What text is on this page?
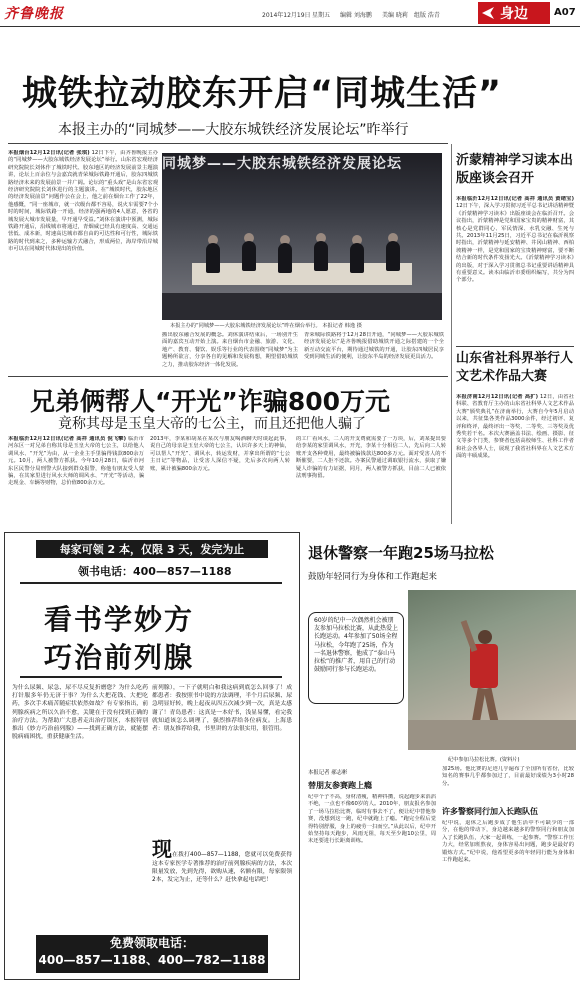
齐鲁晚报	2014年12月19日 星期五 编辑 刘海鹏 美编 晓莉 组版 浩青	身边	A07
城铁拉动胶东开启“同城生活”
本报主办的“同城梦——大胶东城铁经济发展论坛”昨举行
本报烟台12月12日讯(记者 张琪) 12日下午，由齐鲁晚报主办的“同城梦——大胶东城铁经济发展论坛”举行。山东省宏观经济研究院院长刘休作了城铁时代、胶东地区的经济发展前景主题演讲，论坛上百余位与会嘉宾就青荣城际铁路开通后，胶东四城铁路经济未来的发展前景一并广阔。论坛的“重头戏”是山东省宏观经济研究院院长刘休进行的主题演讲。在“城铁时代，胶东地区的经济发展前景”问题作公在会上，他之前在烟台工作了22年，他感慨，“同一座城市，就一次级台都不容易，说火车需要7个小时的时间，城际铁路一开通，经济的强两地的4人愿意，各省的城发展大城市发展量，早开通早受益。”刘休在演讲中预测，城际铁路开通后，沿线城市将通过，青烟威已经具有速度高、交通运营低、成本新，时速高达城市都自由的可达性和可行性，城际铁路的时代到来之，多种运输方式融合，形成两位，海岸带沿岸城市可以在同城时代体现出的价值。
同城梦——大胶东城铁经济发展论坛
本报主办的“同城梦——大胶东城铁经济发展论坛”昨在烟台举行。 本报记者 韩逸 摄
搬出胶东融合发展的概念。刘休演讲结束后，一场别开生面的嘉宾互动开始上演。来自烟台市金融、旅游、文化、地产、教育、餐饮、娱乐等行业的代表围绕“同城梦”为主题畅所欲言，分享各自的见解和发展构想，期望借助城铁之力，推动胶东经济一体化发展。
青荣城际铁路将于12月28日开通，“同城梦——大胶东城铁经济发展论坛”是齐鲁晚报借助城铁开通之际搭建的一个全新互动交流平台，期待通过城铁的开通，让胶东四城居民享受到同城生活的便利，让胶东半岛的经济发展更具活力。
兄弟俩帮人“开光”诈骗800万元
竟称其母是玉皇大帝的七公主，而且还把他人骗了
本报临沂12月12日讯(记者 高祥 通讯员 倪飞擎) 临沂市河东区一对兄弟自称其母是玉皇大帝的七公主，以给他人调风水、“开光”为由，从一企业主手里骗得钱款800余万元。10月，两人被警方抓获。今年10月28日，临沂市河东区民警分局刑警大队接到群众报警，称他有朋友受人蒙骗，在其家里进行风水大师的调风水、“开光”等活动，骗走现金、车辆等财物，总价值800余万元。
2013年，李某和胡某在某次与朋友喝酒聊天时谈起此事，说自己的母亲是玉皇大帝的七公主，认识许多天上的神仙，可以帮人“开光”、调风水，转运发财，并拿出所谓的“七公主日记”等物品，让受害人深信不疑，先后多次向两人转账，累计被骗800余万元。
的工厂看风水，二人的开支费就需要了一万块，后，刘某提出要给李某的家里调风水，开光，李某十分相信二人，先后向二人转账开支各种费用，最终被骗钱款达800多万元。面对受害人的不断催要，二人拒不还款。办案民警通过调取银行流水，获取了嫌疑人诈骗的有力证据，同月，两人被警方抓获，目前二人已被依法刑事拘留。
沂蒙精神学习读本出版座谈会召开
本报临沂12月12日讯(记者 高祥 通讯员 黄绪宝) 12日下午，深入学习贯彻习近平总书记讲话精神暨《沂蒙精神学习读本》出版座谈会在临沂召开。会议指出，沂蒙精神是党和国家宝贵的精神财富，其核心是党群同心、军民情深、水乳交融、生死与共。2013年11月25日，习近平总书记在临沂视察时指出，沂蒙精神与延安精神、井冈山精神、西柏坡精神一样，是党和国家的宝贵精神财富，要不断结合新的时代条件发扬光大。《沂蒙精神学习读本》的出版，对于深入学习贯彻总书记重要讲话精神具有重要意义。读本由临沂市委组织编写，共分为四个部分。
山东省社科界举行人文艺术作品大赛
本报济南12月12日讯(记者 高扩) 12日，由省社科联、省教育厅主办的山东省社科界人文艺术作品大赛“颁奖典礼”在济南举行，大赛自今年5月启动以来，共征集各类作品3000余件，经过初评、复评和终评，最终评出一等奖、二等奖、三等奖及优秀奖若干名。本次大赛涵盖书法、绘画、摄影、征文等多个门类，参赛者包括高校师生、社科工作者和社会各界人士，展现了我省社科界在人文艺术方面的丰硕成果。
每家可领 2 本，仅限 3 天，发完为止
领书电话：400—857—1188
看书学妙方
巧治前列腺
为什么尿频、尿急、尿不尽反复折磨您？为什么吃药打针服多年仍无济于事？为什么大把花钱、大把吃药，多次手术痛苦随症状依然如故？有专家指出，前列腺疾病之所以久治不愈，关键在于没有找到正确的治疗方法。为帮助广大患者走出治疗误区，本报特别推出《妙方巧治前列腺》——找到正确方法，就能摆脱病痛困扰，重获健康生活。
前列腺），一下子就明白和我这病到底怎么回事了！成都患者：我按照书中说的方法调理，半个月后尿频、尿急明显好转，晚上起夜从四五次减少到一次，真是太感谢了！青岛患者：这真是一本好书，浅显易懂，看完我就知道该怎么调理了，强烈推荐给各位病友。上海患者：朋友推荐给我，书里讲的方法很实用，很管用。
现在拨打400—857—1188，您就可以免费获得这本专家医学专著推荐的治疗前列腺疾病的方法，本次限量发放，先到先得，欲购从速，名额有限，每家限领2本，发完为止，还等什么？赶快拿起电话吧！
免费领取电话：
400—857—1188、400—782—1188
退休警察一年跑25场马拉松
鼓励年轻同行为身体和工作跑起来
60岁的纪中一次偶然机会被朋友参加马拉松比赛，从此热爱上长跑运动。4年参加了50场全程马拉松，今年跑了25场，作为一名退休警察，他成了“泰山马拉松”的推广者，用自己的行动鼓励同行参与长跑运动。
纪中参加马拉松比赛。(资料片)
本报记者 郝志彬
替朋友参赛跑上瘾
纪中个子不高，身材清瘦，精神抖擞，说起跑步来滔滔不绝，一点也不像60岁的人。2010年，朋友报名参加了一场马拉松比赛，临时有事去不了，便让纪中替他参赛，没想到这一跑，纪中就跑上了瘾。“跑完全程后觉得特别舒服，身上的疲劳一扫而空。”从此以后，纪中开始坚持每天跑步，风雨无阻，每天至少跑10公里，周末还要进行长距离训练。
加25场。他比赛的足迹几乎遍布了全国所有省份，比较知名的赛事几乎都参加过了，目前最好成绩为3小时28分。
许多警察同行加入长跑队伍
纪中说，退休之后跑步成了他生活中不可缺少的一部分，在他的带动下，身边越来越多的警察同行和朋友加入了长跑队伍，大家一起训练，一起参赛。“警察工作压力大，经常加班熬夜，身体容易出问题，跑步是最好的锻炼方式。”纪中说，他希望更多的年轻同行能为身体和工作跑起来。
